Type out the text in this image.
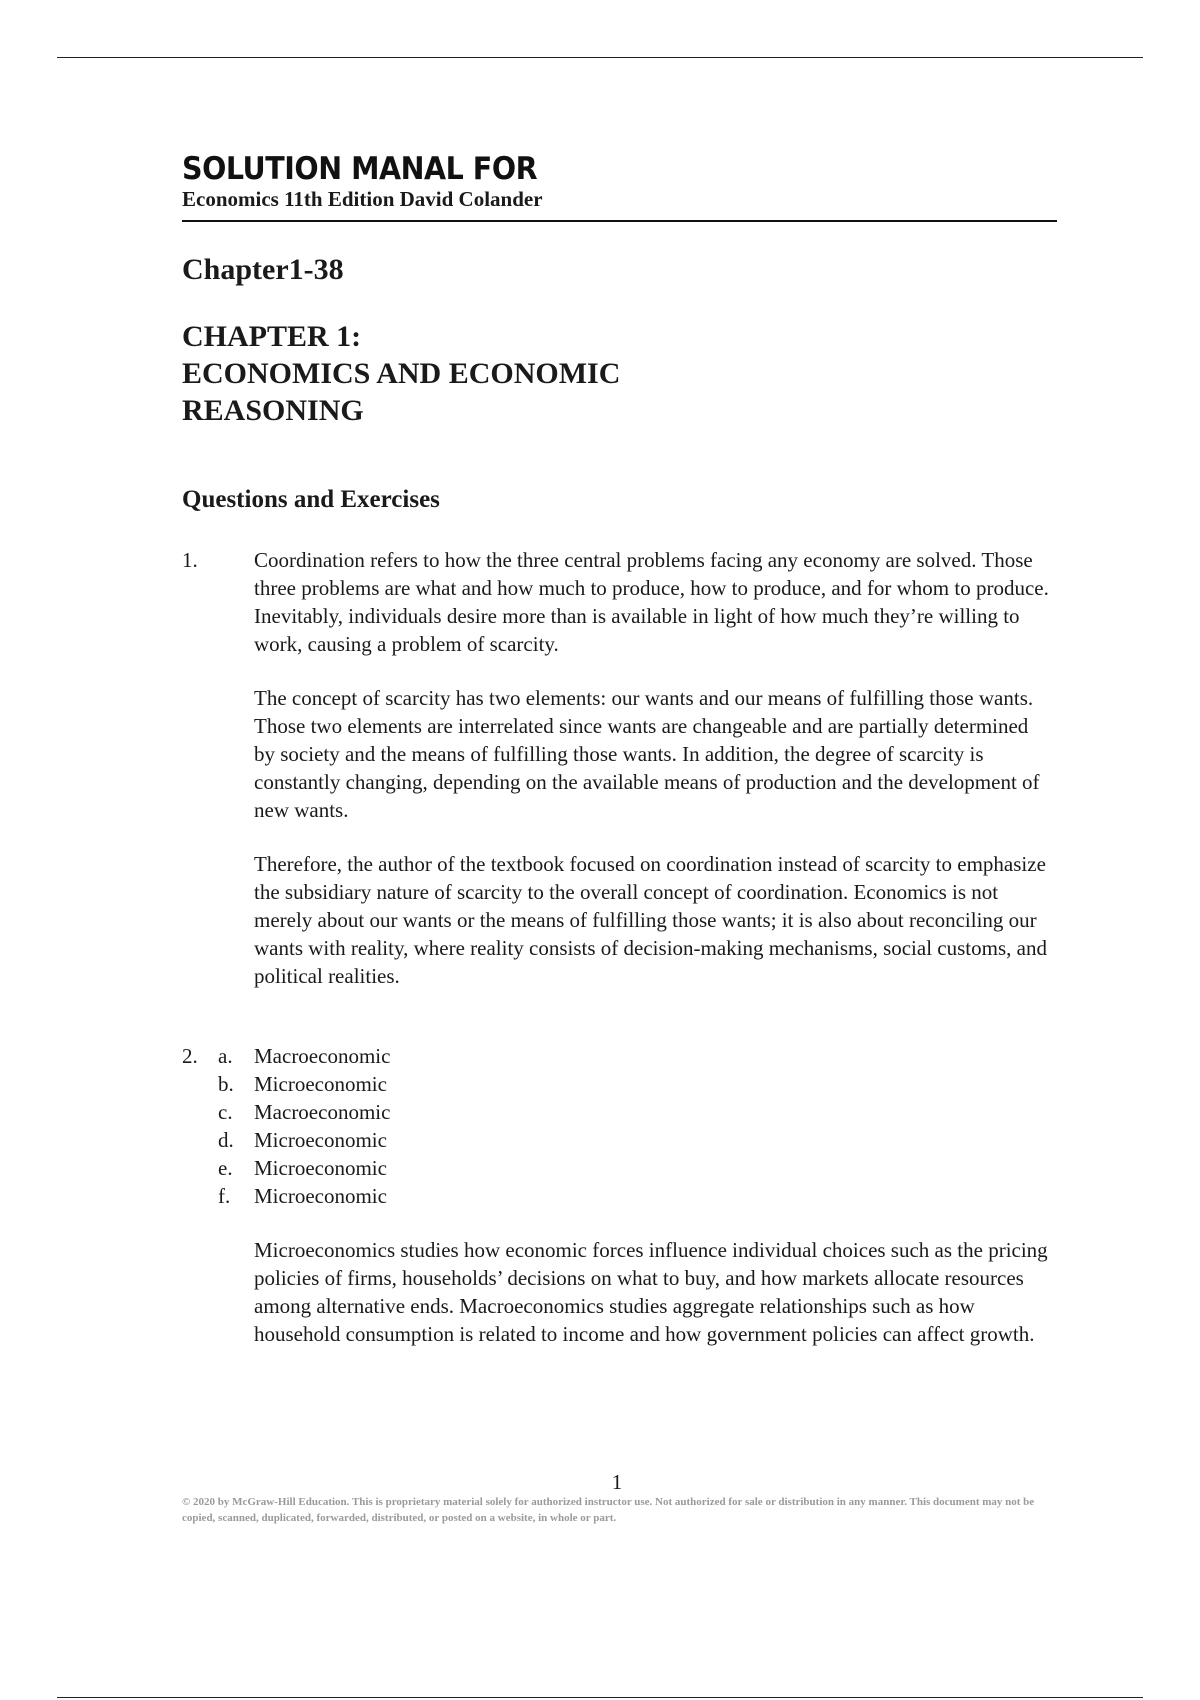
SOLUTION MANAL FOR
Economics 11th Edition David Colander
Chapter1-38
CHAPTER 1:
ECONOMICS AND ECONOMIC
REASONING
Questions and Exercises
1.	Coordination refers to how the three central problems facing any economy are solved. Those three problems are what and how much to produce, how to produce, and for whom to produce. Inevitably, individuals desire more than is available in light of how much they’re willing to work, causing a problem of scarcity.

The concept of scarcity has two elements: our wants and our means of fulfilling those wants. Those two elements are interrelated since wants are changeable and are partially determined by society and the means of fulfilling those wants. In addition, the degree of scarcity is constantly changing, depending on the available means of production and the development of new wants.

Therefore, the author of the textbook focused on coordination instead of scarcity to emphasize the subsidiary nature of scarcity to the overall concept of coordination. Economics is not merely about our wants or the means of fulfilling those wants; it is also about reconciling our wants with reality, where reality consists of decision-making mechanisms, social customs, and political realities.

2. a.	Macroeconomic
b. Microeconomic
c.	Macroeconomic
d. Microeconomic
e.	Microeconomic
f.	Microeconomic
Microeconomics studies how economic forces influence individual choices such as the pricing policies of firms, households’ decisions on what to buy, and how markets allocate resources among alternative ends. Macroeconomics studies aggregate relationships such as how household consumption is related to income and how government policies can affect growth.
1
© 2020 by McGraw-Hill Education. This is proprietary material solely for authorized instructor use. Not authorized for sale or distribution in any manner. This document may not be copied, scanned, duplicated, forwarded, distributed, or posted on a website, in whole or part.
